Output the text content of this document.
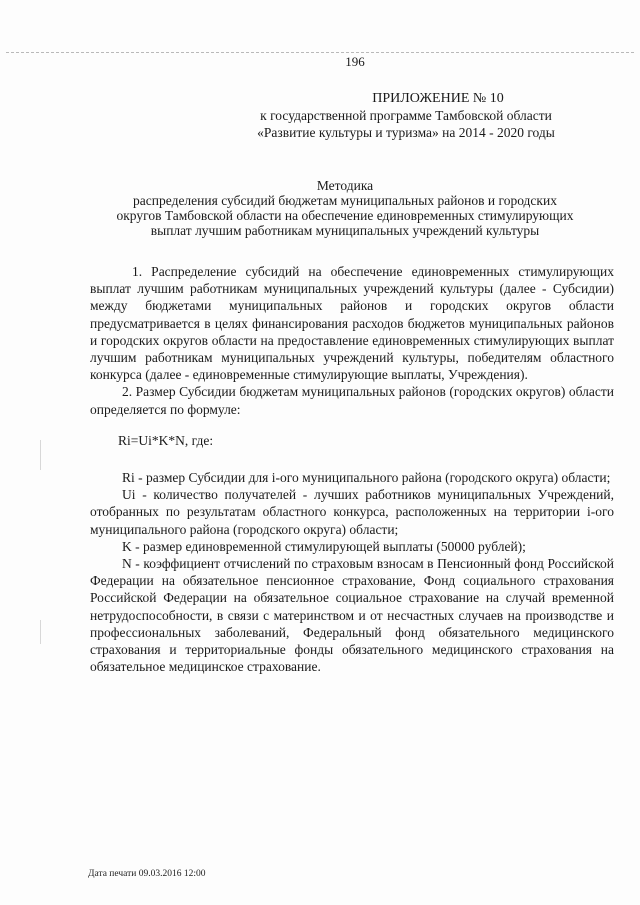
196
ПРИЛОЖЕНИЕ № 10
к государственной программе Тамбовской области
«Развитие культуры и туризма» на 2014 - 2020 годы
Методика
распределения субсидий бюджетам муниципальных районов и городских
округов Тамбовской области на обеспечение единовременных стимулирующих
выплат лучшим работникам муниципальных учреждений культуры

1. Распределение субсидий на обеспечение единовременных стимулирующих выплат лучшим работникам муниципальных учреждений культуры (далее - Субсидии) между бюджетами муниципальных районов и городских округов области предусматривается в целях финансирования расходов бюджетов муниципальных районов и городских округов области на предоставление единовременных стимулирующих выплат лучшим работникам муниципальных учреждений культуры, победителям областного конкурса (далее - единовременные стимулирующие выплаты, Учреждения).

2. Размер Субсидии бюджетам муниципальных районов (городских округов) области определяется по формуле:

Ri=Ui*K*N, где:

Ri - размер Субсидии для i-ого муниципального района (городского округа) области;

Ui - количество получателей - лучших работников муниципальных Учреждений, отобранных по результатам областного конкурса, расположенных на территории i-ого муниципального района (городского округа) области;

K - размер единовременной стимулирующей выплаты (50000 рублей);

N - коэффициент отчислений по страховым взносам в Пенсионный фонд Российской Федерации на обязательное пенсионное страхование, Фонд социального страхования Российской Федерации на обязательное социальное страхование на случай временной нетрудоспособности, в связи с материнством и от несчастных случаев на производстве и профессиональных заболеваний, Федеральный фонд обязательного медицинского страхования и территориальные фонды обязательного медицинского страхования на обязательное медицинское страхование.

Дата печати 09.03.2016 12:00
